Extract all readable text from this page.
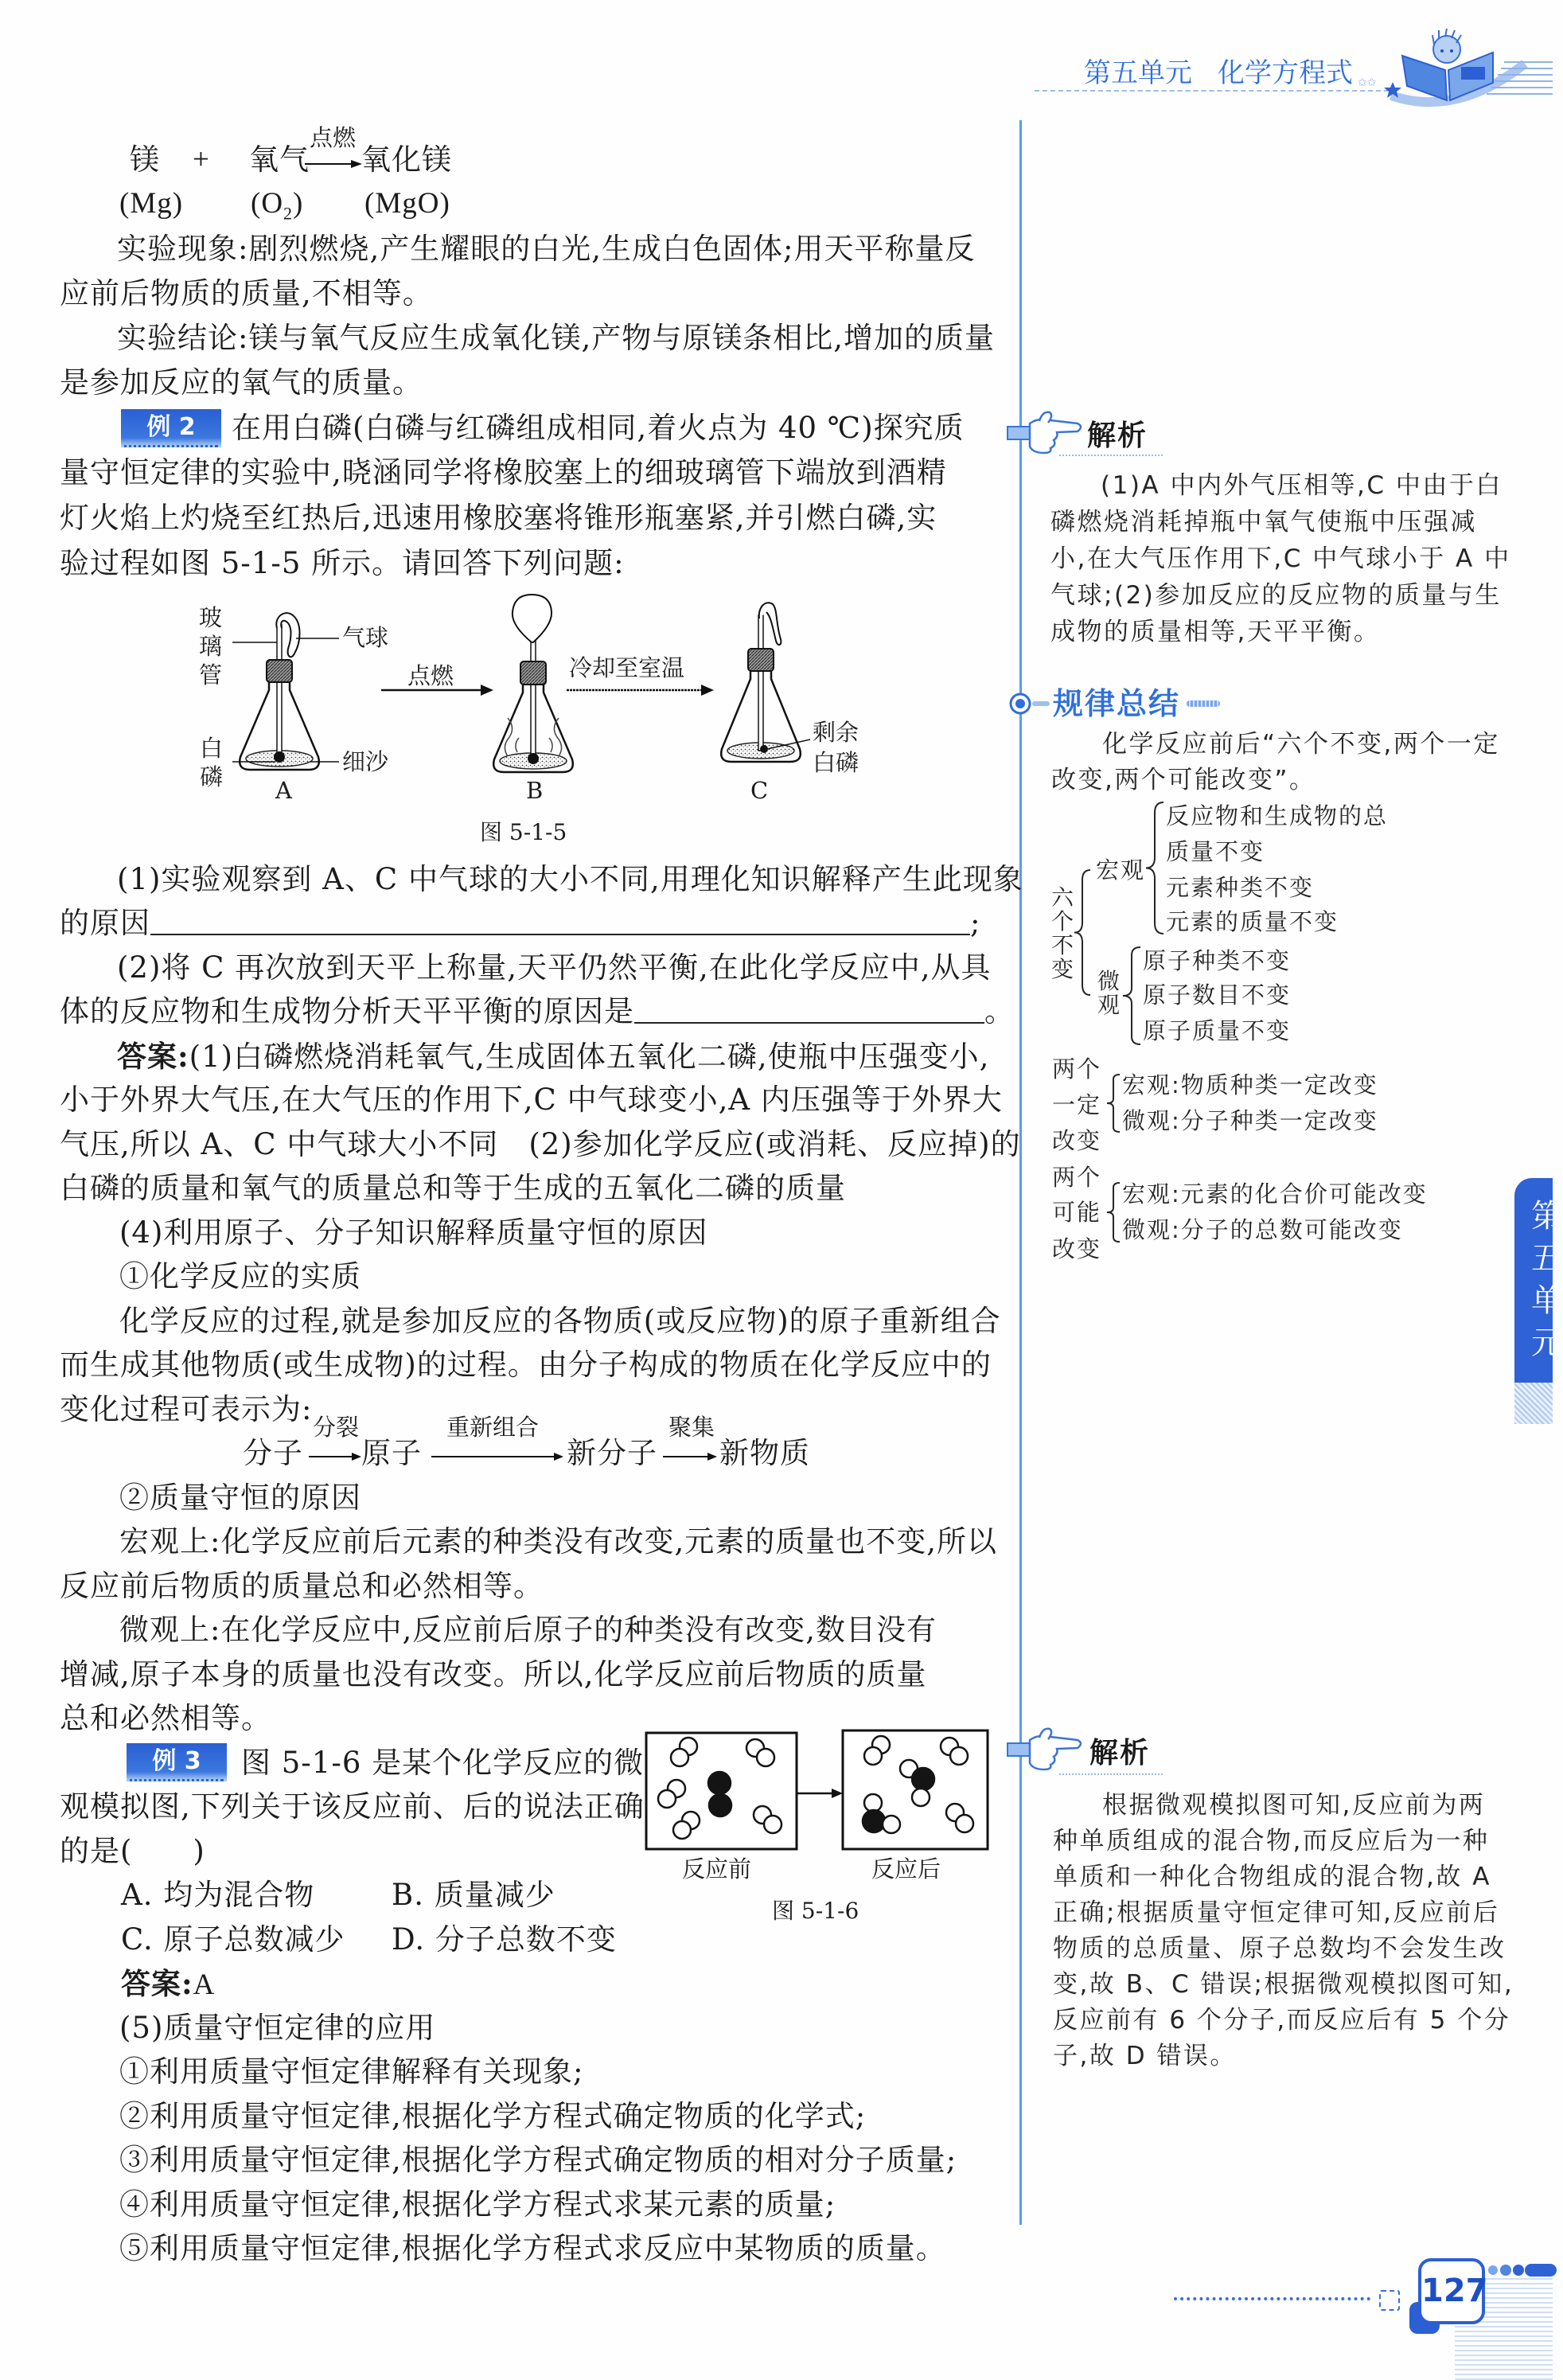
第五单元 化学方程式 ✩✩
镁 + 氧气
点燃
氧化镁
(Mg) $(O_2)$ (MgO)
实验现象:剧烈燃烧,产生耀眼的白光,生成白色固体;用天平称量反
应前后物质的质量,不相等。
实验结论:镁与氧气反应生成氧化镁,产物与原镁条相比,增加的质量
是参加反应的氧气的质量。
例 2	在用白磷(白磷与红磷组成相同,着火点为 40 ℃)探究质
量守恒定律的实验中,晓涵同学将橡胶塞上的细玻璃管下端放到酒精
灯火焰上灼烧至红热后,迅速用橡胶塞将锥形瓶塞紧,并引燃白磷,实
验过程如图 5-1-5 所示。请回答下列问题:
玻璃管
气球
白磷
细沙
A
点燃
B
冷却至室温
C
剩余
白磷
图 5-1-5
(1)实验观察到 A、C 中气球的大小不同,用理化知识解释产生此现象
的原因	;
(2)将 C 再次放到天平上称量,天平仍然平衡,在此化学反应中,从具
体的反应物和生成物分析天平平衡的原因是	。
答案:(1)白磷燃烧消耗氧气,生成固体五氧化二磷,使瓶中压强变小,
小于外界大气压,在大气压的作用下,C 中气球变小,A 内压强等于外界大
气压,所以 A、C 中气球大小不同　(2)参加化学反应(或消耗、反应掉)的
白磷的质量和氧气的质量总和等于生成的五氧化二磷的质量
(4)利用原子、分子知识解释质量守恒的原因
①化学反应的实质
化学反应的过程,就是参加反应的各物质(或反应物)的原子重新组合
而生成其他物质(或生成物)的过程。由分子构成的物质在化学反应中的
变化过程可表示为:
分子
分裂
原子
重新组合
新分子
聚集
新物质
②质量守恒的原因
宏观上:化学反应前后元素的种类没有改变,元素的质量也不变,所以
反应前后物质的质量总和必然相等。
微观上:在化学反应中,反应前后原子的种类没有改变,数目没有
增减,原子本身的质量也没有改变。所以,化学反应前后物质的质量
总和必然相等。
例 3	图 5-1-6 是某个化学反应的微
观模拟图,下列关于该反应前、后的说法正确
的是(　　)
A. 均为混合物	B. 质量减少
C. 原子总数减少 D. 分子总数不变
答案:A
反应前	反应后
图 5-1-6
(5)质量守恒定律的应用
①利用质量守恒定律解释有关现象;
②利用质量守恒定律,根据化学方程式确定物质的化学式;
③利用质量守恒定律,根据化学方程式确定物质的相对分子质量;
④利用质量守恒定律,根据化学方程式求某元素的质量;
⑤利用质量守恒定律,根据化学方程式求反应中某物质的质量。
解析
(1)A 中内外气压相等,C 中由于白
磷燃烧消耗掉瓶中氧气使瓶中压强减
小,在大气压作用下,C 中气球小于 A 中
气球;(2)参加反应的反应物的质量与生
成物的质量相等,天平平衡。
规律总结
化学反应前后“六个不变,两个一定
改变,两个可能改变”。
六个不变
宏观
反应物和生成物的总
质量不变
元素种类不变
元素的质量不变
微观
原子种类不变
原子数目不变
原子质量不变
两个
一定
改变
宏观:物质种类一定改变
微观:分子种类一定改变
两个
可能
改变
宏观:元素的化合价可能改变
微观:分子的总数可能改变
解析
根据微观模拟图可知,反应前为两
种单质组成的混合物,而反应后为一种
单质和一种化合物组成的混合物,故 A
正确;根据质量守恒定律可知,反应前后
物质的总质量、原子总数均不会发生改
变,故 B、C 错误;根据微观模拟图可知,
反应前有 6 个分子,而反应后有 5 个分
子,故 D 错误。
第五单元
127
